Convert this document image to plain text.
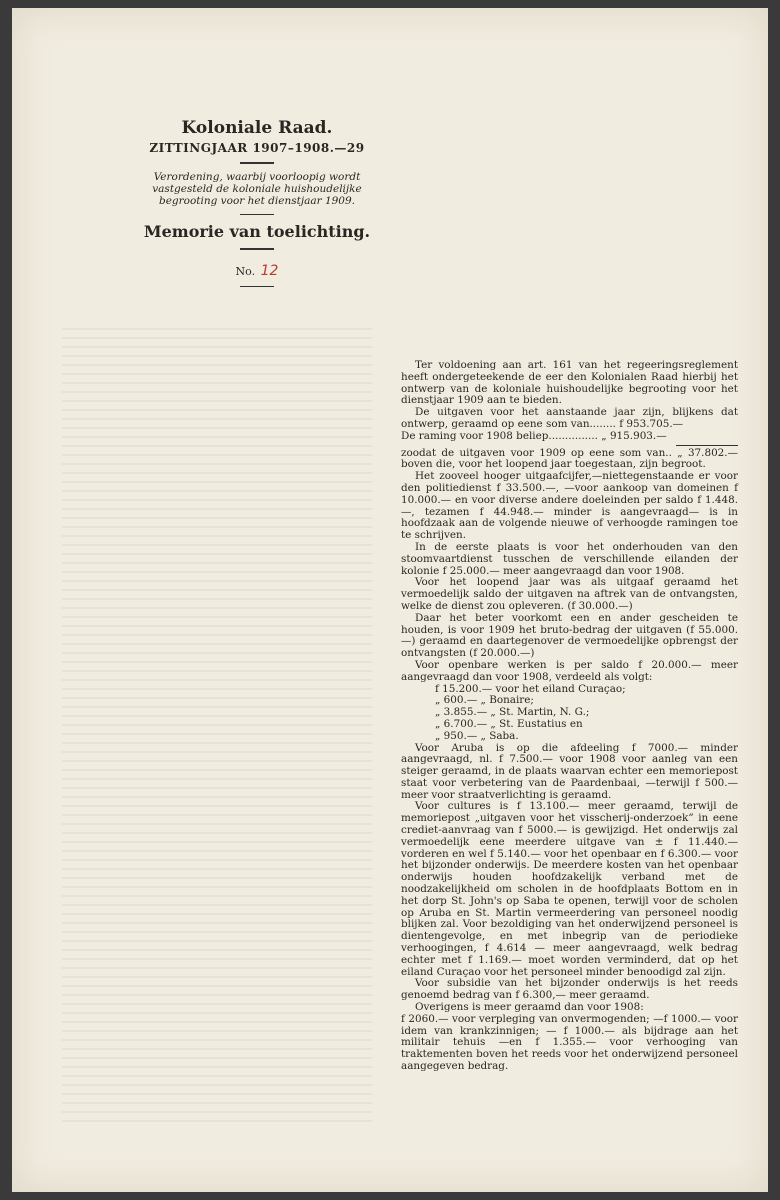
Koloniale Raad.
ZITTINGJAAR 1907–1908.—29
Verordening, waarbij voorloopig wordt vastgesteld de koloniale huishoudelijke begrooting voor het dienstjaar 1909.
Memorie van toelichting.
No. 12

Ter voldoening aan art. 161 van het regeeringsreglement heeft ondergeteekende de eer den Kolonialen Raad hierbij het ontwerp van de koloniale huishoudelijke begrooting voor het dienstjaar 1909 aan te bieden.

De uitgaven voor het aanstaande jaar zijn, blijkens dat ontwerp, geraamd op eene som van........ f 953.705.—

De raming voor 1908 beliep............... „ 915.903.—

zoodat de uitgaven voor 1909 op eene som van.. „ 37.802.— boven die, voor het loopend jaar toegestaan, zijn begroot.

Het zooveel hooger uitgaafcijfer,—niettegenstaande er voor den politiedienst f 33.500.—, —voor aankoop van domeinen f 10.000.— en voor diverse andere doeleinden per saldo f 1.448.—, tezamen f 44.948.— minder is aangevraagd— is in hoofdzaak aan de volgende nieuwe of verhoogde ramingen toe te schrijven.

In de eerste plaats is voor het onderhouden van den stoomvaartdienst tusschen de verschillende eilanden der kolonie f 25.000.— meer aangevraagd dan voor 1908.

Voor het loopend jaar was als uitgaaf geraamd het vermoedelijk saldo der uitgaven na aftrek van de ontvangsten, welke de dienst zou opleveren. (f 30.000.—)

Daar het beter voorkomt een en ander gescheiden te houden, is voor 1909 het bruto-bedrag der uitgaven (f 55.000.—) geraamd en daartegenover de vermoedelijke opbrengst der ontvangsten (f 20.000.—)

Voor openbare werken is per saldo f 20.000.— meer aangevraagd dan voor 1908, verdeeld als volgt:

f 15.200.— voor het eiland Curaçao;

„ 600.— „ Bonaire;

„ 3.855.— „ St. Martin, N. G.;

„ 6.700.— „ St. Eustatius en

„ 950.— „ Saba.

Voor Aruba is op die afdeeling f 7000.— minder aangevraagd, nl. f 7.500.— voor 1908 voor aanleg van een steiger geraamd, in de plaats waarvan echter een memoriepost staat voor verbetering van de Paardenbaai, —terwijl f 500.— meer voor straatverlichting is geraamd.

Voor cultures is f 13.100.— meer geraamd, terwijl de memoriepost „uitgaven voor het visscherij-onderzoek” in eene crediet-aanvraag van f 5000.— is gewijzigd. Het onderwijs zal vermoedelijk eene meerdere uitgave van ± f 11.440.— vorderen en wel f 5.140.— voor het openbaar en f 6.300.— voor het bijzonder onderwijs. De meerdere kosten van het openbaar onderwijs houden hoofdzakelijk verband met de noodzakelijkheid om scholen in de hoofdplaats Bottom en in het dorp St. John's op Saba te openen, terwijl voor de scholen op Aruba en St. Martin vermeerdering van personeel noodig blijken zal. Voor bezoldiging van het onderwijzend personeel is dientengevolge, en met inbegrip van de periodieke verhoogingen, f 4.614 — meer aangevraagd, welk bedrag echter met f 1.169.— moet worden verminderd, dat op het eiland Curaçao voor het personeel minder benoodigd zal zijn.

Voor subsidie van het bijzonder onderwijs is het reeds genoemd bedrag van f 6.300,— meer geraamd.

Overigens is meer geraamd dan voor 1908:

f 2060.— voor verpleging van onvermogenden; —f 1000.— voor idem van krankzinnigen; — f 1000.— als bijdrage aan het militair tehuis —en f 1.355.— voor verhooging van traktementen boven het reeds voor het onderwijzend personeel aangegeven bedrag.
